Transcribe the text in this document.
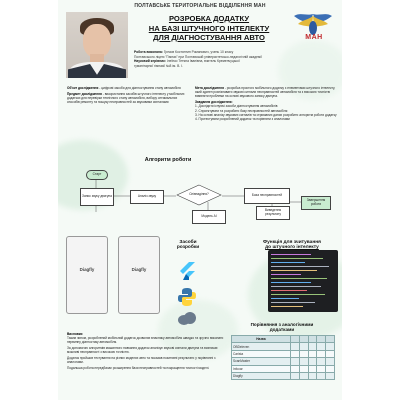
ПОЛТАВСЬКЕ ТЕРИТОРІАЛЬНЕ ВІДДІЛЕННЯ МАН
РОЗРОБКА ДОДАТКУ
НА БАЗІ ШТУЧНОГО ІНТЕЛЕКТУ
ДЛЯ ДІАГНОСТУВАННЯ АВТО	МАН
Робота виконана: Греков Костянтин Романович, учень 10 класу
Полтавського ліцею "Гімназ" при Полтавській університетсько-педагогічній академії
Науковий керівник: Ілеїнко Тетяна Іванівна, вчитель Кременчуцької
гуманітарної гімназії №8 ім. В. І.
Об'єкт дослідження - цифрові засоби для діагностування стану автомобіля
Предмет дослідження - використання засобів штучного інтелекту у мобільних додатках для перевірки технічного стану автомобіля, вибору оптимальних способів ремонту та пошуку несправностей за звуковими сигналами
Мета дослідження - розробка простого мобільного додатку з елементами штучного інтелекту, який здатен розпізнавати звукові сигнали несправностей автомобіля та з високою точністю виявляти проблеми на основі звукового запису двигуна.
Завдання дослідження:
1. Дослідити існуючі засоби діагностування автомобілів
2. Спроектувати та розробити базу несправностей автомобіля
3. На основі аналізу звукових сигналів та отриманих даних розробити алгоритм роботи додатку
4. Протестувати розроблений додаток та порівняти з аналогами
Алгоритм роботи
Старт
Запис звуку двигуна	Аналіз звуку	Співпадіння?
Модель AI
База несправностей
Виведення результату
Завершення роботи
Diagfly	Diagfly
Засоби
розробки
Функція для зчитування
до штучного інтелекту
Порівняння з аналогічними
додатками
Назва					
OBDeleven					
Carista					
ScanMaster					
Infocar					
Diagfly					
Висновки
Таким чином, розроблений мобільний додаток дозволяє власнику автомобіля швидко та зручно виконати первинну діагностику автомобіля.
За допомогою алгоритмів машинного навчання додаток аналізує звукові сигнали двигуна та визначає можливі несправності з високою точністю.
Додаток пройшов тестування на різних моделях авто та показав позитивні результати у порівнянні з аналогами.
Подальша робота передбачає розширення бази несправностей та покращення точності моделі.
